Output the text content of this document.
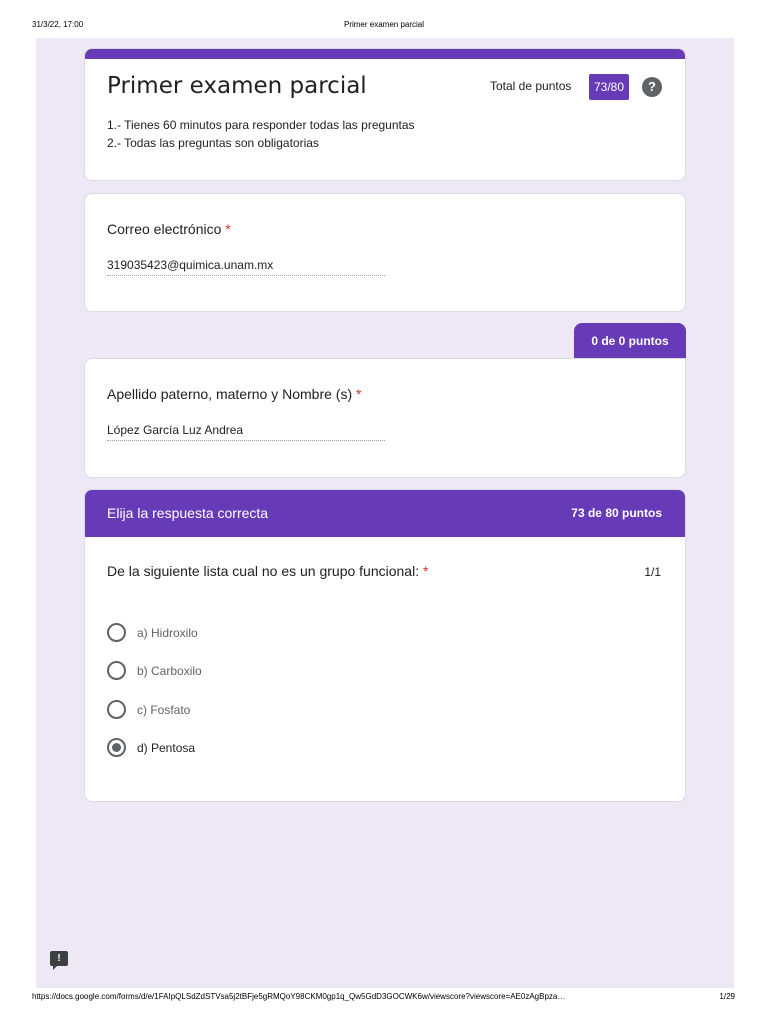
31/3/22, 17:00	Primer examen parcial
Primer examen parcial	Total de puntos	73/80	?
1.- Tienes 60 minutos para responder todas las preguntas
2.- Todas las preguntas son obligatorias
Correo electrónico *
319035423@quimica.unam.mx
0 de 0 puntos
Apellido paterno, materno y Nombre (s) *
López García Luz Andrea
Elija la respuesta correcta	73 de 80 puntos
De la siguiente lista cual no es un grupo funcional: *	1/1
a) Hidroxilo
b) Carboxilo
c) Fosfato
d) Pentosa
!
https://docs.google.com/forms/d/e/1FAIpQLSdZdSTVsa5j2tBFje5gRMQoY98CKM0gp1q_Qw5GdD3GOCWK6w/viewscore?viewscore=AE0zAgBpza…	1/29
